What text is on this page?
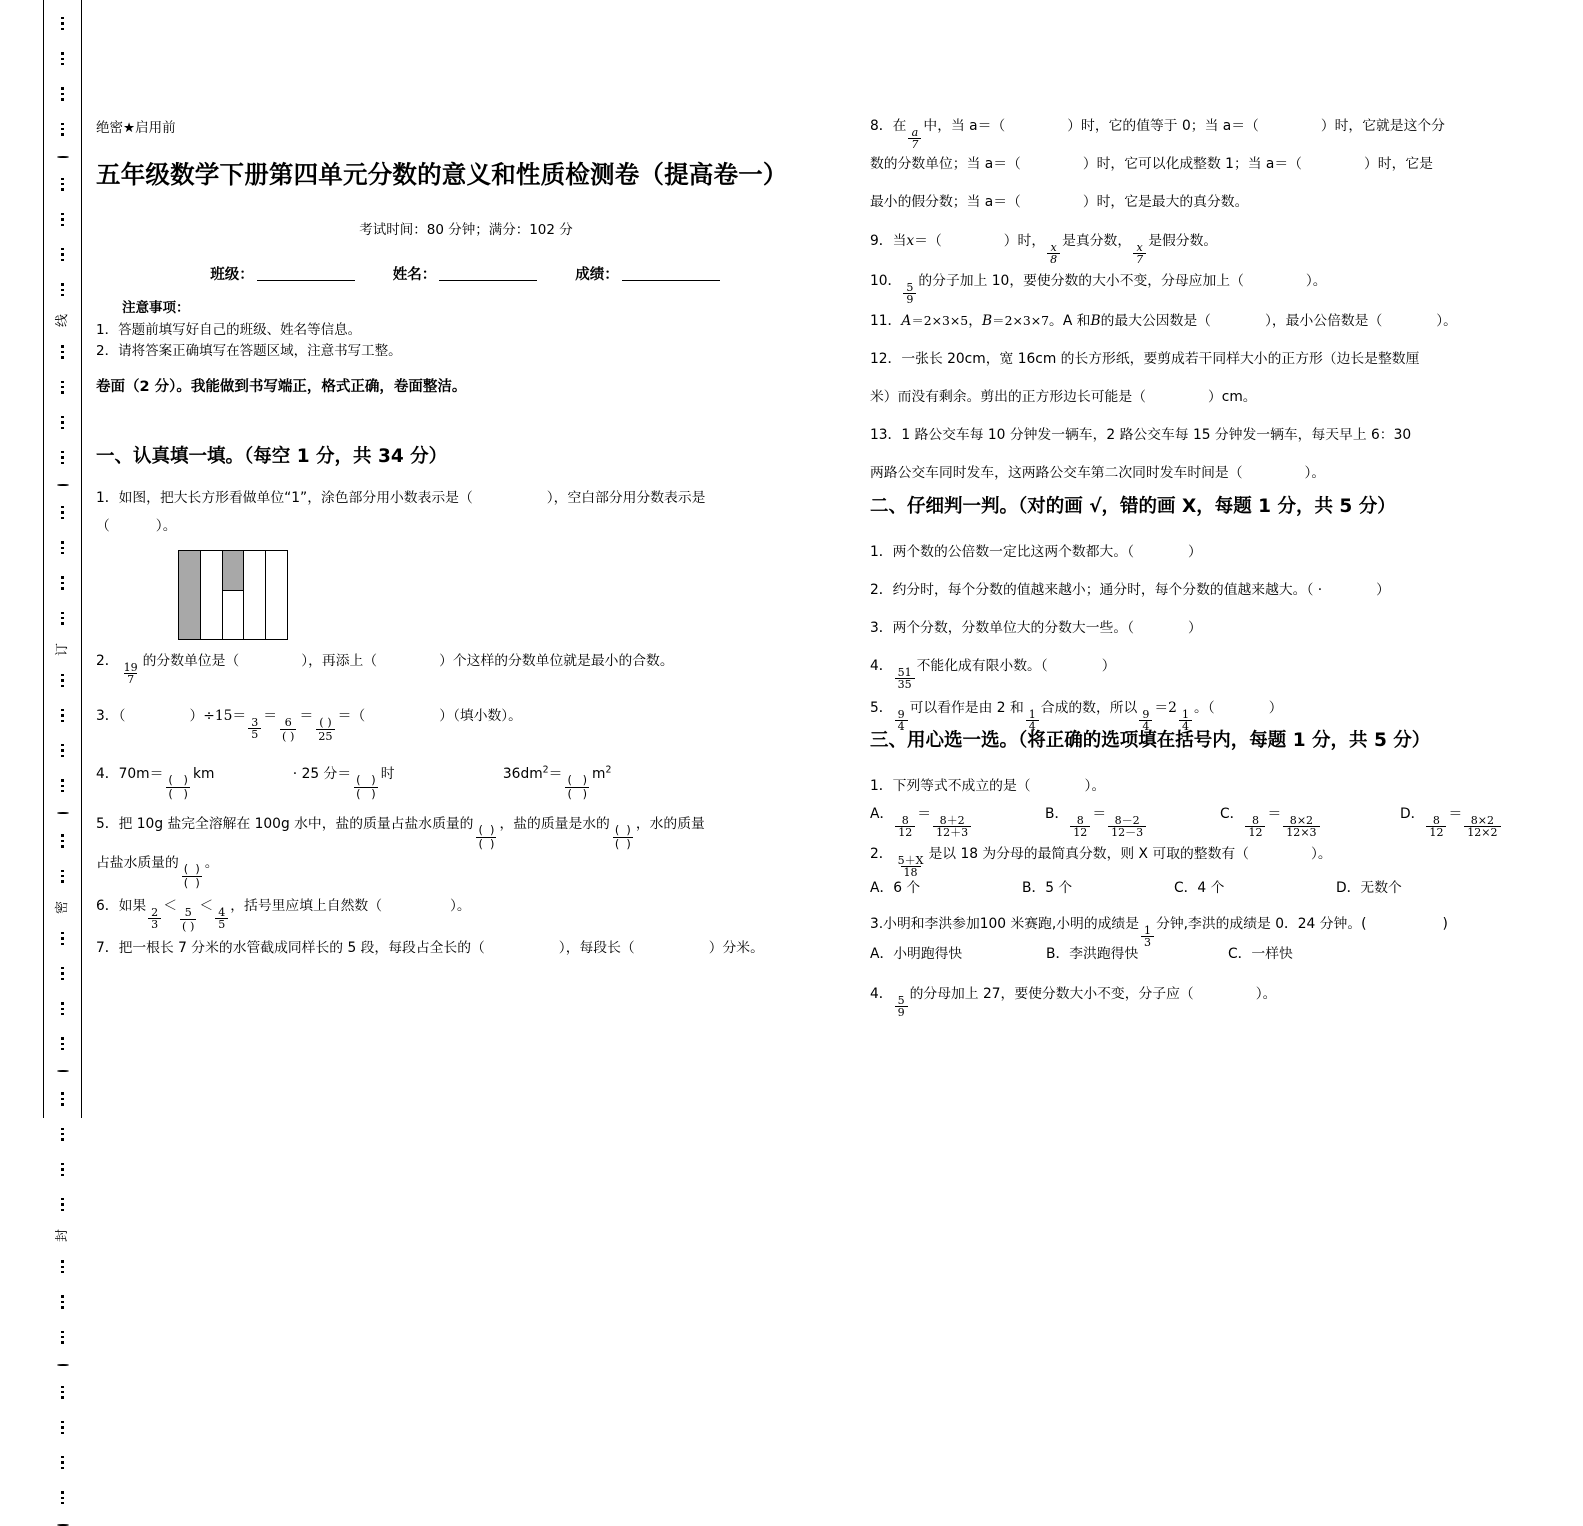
线
订
密
封
绝密★启用前
五年级数学下册第四单元分数的意义和性质检测卷（提高卷一）
考试时间：80 分钟；满分：102 分
班级：	姓名：	成绩：
注意事项：
1．答题前填写好自己的班级、姓名等信息。
2．请将答案正确填写在答题区域，注意书写工整。
卷面（2 分）。我能做到书写端正，格式正确，卷面整洁。
一、认真填一填。（每空 1 分，共 34 分）
1．如图，把大长方形看做单位“1”，涂色部分用小数表示是（	），空白部分用分数表示是
（	）。
2．
$\frac{19}{7}$
的分数单位是（	），再添上（	）个这样的分数单位就是最小的合数。
3．（	）÷15＝
$\frac{3}{5}$
＝
$\frac{6}{( )}$
＝
$\frac{( )}{25}$
＝（	）（填小数）。
4．70m＝
$\frac{( )}{( )}$
km	· 25 分＝
$\frac{( )}{( )}$
时	$36dm^2=$
$\frac{( )}{( )}$
$m^2$
5．把 10g 盐完全溶解在 100g 水中，盐的质量占盐水质量的
$\frac{( )}{( )}$
，盐的质量是水的
$\frac{( )}{( )}$
，水的质量
占盐水质量的
$\frac{( )}{( )}$
。
6．如果
$\frac{2}{3}$
＜
$\frac{5}{( )}$
＜
$\frac{4}{5}$
，括号里应填上自然数（	）。
7．把一根长 7 分米的水管截成同样长的 5 段，每段占全长的（	），每段长（	）分米。
8．在
$\frac{a}{7}$
中，当 a＝（	）时，它的值等于 0；当 a＝（	）时，它就是这个分
数的分数单位；当 a＝（	）时，它可以化成整数 1；当 a＝（	）时，它是
最小的假分数；当 a＝（	）时，它是最大的真分数。
9．当x＝（	）时，
$\frac{x}{8}$
是真分数，
$\frac{x}{7}$
是假分数。
10．
$\frac{5}{9}$
的分子加上 10，要使分数的大小不变，分母应加上（	）。
11．A＝2×3×5，B＝2×3×7。A 和B的最大公因数是（	），最小公倍数是（	）。
12．一张长 20cm，宽 16cm 的长方形纸，要剪成若干同样大小的正方形（边长是整数厘
米）而没有剩余。剪出的正方形边长可能是（	）cm。
13．1 路公交车每 10 分钟发一辆车，2 路公交车每 15 分钟发一辆车，每天早上 6：30
两路公交车同时发车，这两路公交车第二次同时发车时间是（	）。
二、仔细判一判。（对的画 √，错的画 X，每题 1 分，共 5 分）
1．两个数的公倍数一定比这两个数都大。（	）
2．约分时，每个分数的值越来越小；通分时，每个分数的值越来越大。（ ·	）
3．两个分数，分数单位大的分数大一些。（	）
4．
$\frac{51}{35}$
不能化成有限小数。（	）
5．
$\frac{9}{4}$
可以看作是由 2 和
$\frac{1}{4}$
合成的数，所以
$\frac{9}{4}$
＝2
$\frac{1}{4}$
。（	）
三、用心选一选。（将正确的选项填在括号内，每题 1 分，共 5 分）
1．下列等式不成立的是（	）。
A．
$\frac{8}{12}$
＝
$\frac{8+2}{12+3}$
B．
$\frac{8}{12}$
＝
$\frac{8-2}{12-3}$
C．
$\frac{8}{12}$
＝
$\frac{8\times 2}{12\times 3}$
D．
$\frac{8}{12}$
＝
$\frac{8\times 2}{12\times 2}$
2．
$\frac{5+X}{18}$
是以 18 为分母的最简真分数，则 X 可取的整数有（	）。
A．6 个	B．5 个	C．4 个	D．无数个
3.小明和李洪参加100 米赛跑,小明的成绩是
$\frac{1}{3}$
分钟,李洪的成绩是 0．24 分钟。(	)
A．小明跑得快	B．李洪跑得快	C．一样快
4．
$\frac{5}{9}$
的分母加上 27，要使分数大小不变，分子应（	）。
